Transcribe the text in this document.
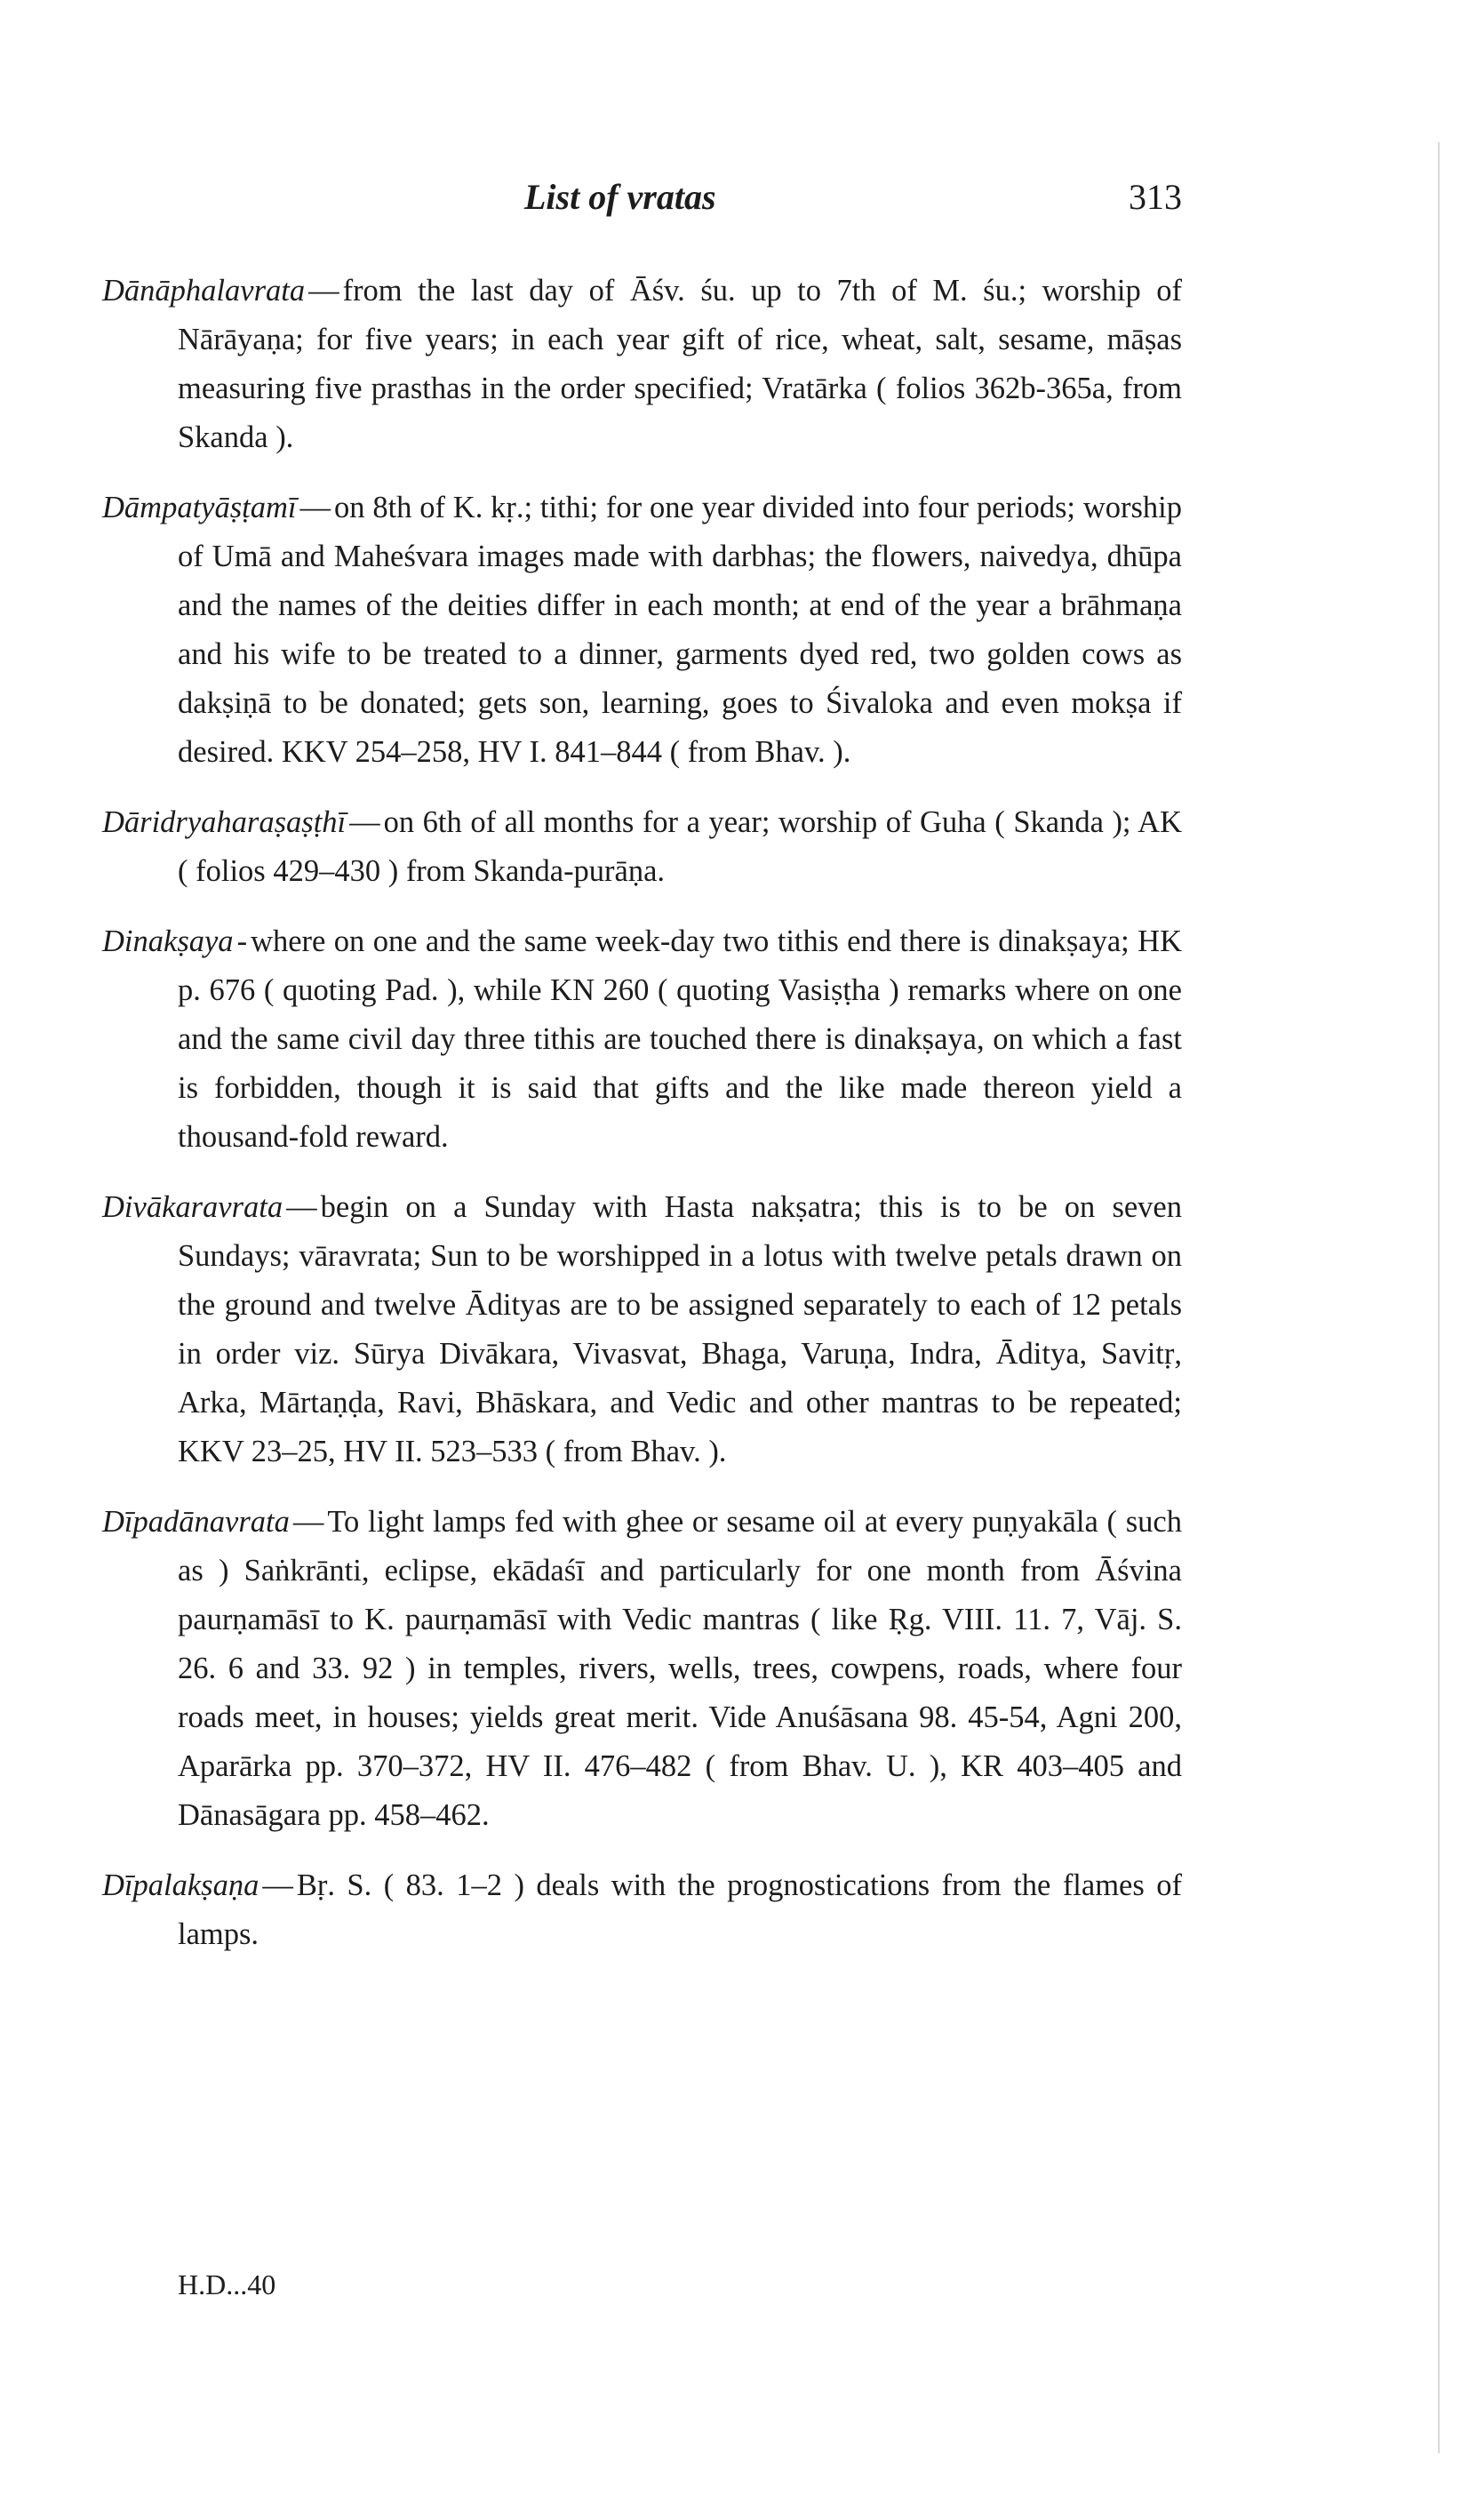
List of vratas	313

Dānāphalavrata — from the last day of Āśv. śu. up to 7th of M. śu.; worship of Nārāyaṇa; for five years; in each year gift of rice, wheat, salt, sesame, māṣas measuring five prasthas in the order specified; Vratārka ( folios 362b-365a, from Skanda ).

Dāmpatyāṣṭamī — on 8th of K. kṛ.; tithi; for one year divided into four periods; worship of Umā and Maheśvara images made with darbhas; the flowers, naivedya, dhūpa and the names of the deities differ in each month; at end of the year a brāhmaṇa and his wife to be treated to a dinner, garments dyed red, two golden cows as dakṣiṇā to be donated; gets son, learning, goes to Śivaloka and even mokṣa if desired. KKV 254–258, HV I. 841–844 ( from Bhav. ).

Dāridryaharaṣaṣṭhī — on 6th of all months for a year; worship of Guha ( Skanda ); AK ( folios 429–430 ) from Skanda-purāṇa.

Dinakṣaya - where on one and the same week-day two tithis end there is dinakṣaya; HK p. 676 ( quoting Pad. ), while KN 260 ( quoting Vasiṣṭha ) remarks where on one and the same civil day three tithis are touched there is dinakṣaya, on which a fast is forbidden, though it is said that gifts and the like made thereon yield a thousand-fold reward.

Divākaravrata — begin on a Sunday with Hasta nakṣatra; this is to be on seven Sundays; vāravrata; Sun to be worshipped in a lotus with twelve petals drawn on the ground and twelve Ādityas are to be assigned separately to each of 12 petals in order viz. Sūrya Divākara, Vivasvat, Bhaga, Varuṇa, Indra, Āditya, Savitṛ, Arka, Mārtaṇḍa, Ravi, Bhāskara, and Vedic and other mantras to be repeated; KKV 23–25, HV II. 523–533 ( from Bhav. ).

Dīpadānavrata — To light lamps fed with ghee or sesame oil at every puṇyakāla ( such as ) Saṅkrānti, eclipse, ekādaśī and particularly for one month from Āśvina paurṇamāsī to K. paurṇamāsī with Vedic mantras ( like Ṛg. VIII. 11. 7, Vāj. S. 26. 6 and 33. 92 ) in temples, rivers, wells, trees, cowpens, roads, where four roads meet, in houses; yields great merit. Vide Anuśāsana 98. 45-54, Agni 200, Aparārka pp. 370–372, HV II. 476–482 ( from Bhav. U. ), KR 403–405 and Dānasāgara pp. 458–462.

Dīpalakṣaṇa — Bṛ. S. ( 83. 1–2 ) deals with the prognostications from the flames of lamps.

H.D...40
